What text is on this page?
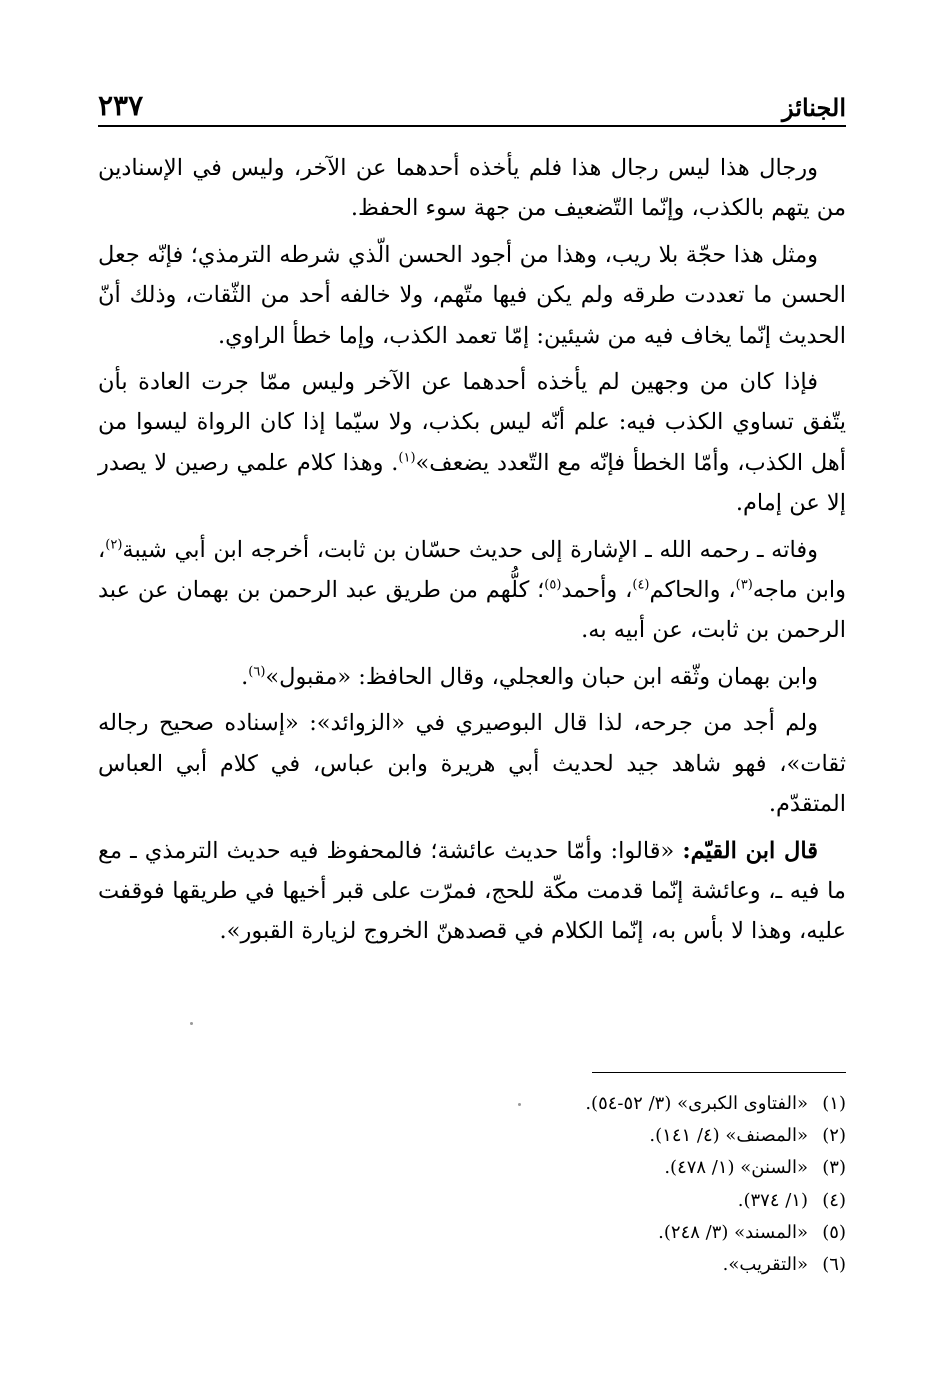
الجنائز
٢٣٧

ورجال هذا ليس رجال هذا فلم يأخذه أحدهما عن الآخر، وليس في الإسنادين من يتهم بالكذب، وإنّما التّضعيف من جهة سوء الحفظ.

ومثل هذا حجّة بلا ريب، وهذا من أجود الحسن الّذي شرطه الترمذي؛ فإنّه جعل الحسن ما تعددت طرقه ولم يكن فيها متّهم، ولا خالفه أحد من الثّقات، وذلك أنّ الحديث إنّما يخاف فيه من شيئين: إمّا تعمد الكذب، وإما خطأ الراوي.

فإذا كان من وجهين لم يأخذه أحدهما عن الآخر وليس ممّا جرت العادة بأن يتّفق تساوي الكذب فيه: علم أنّه ليس بكذب، ولا سيّما إذا كان الرواة ليسوا من أهل الكذب، وأمّا الخطأ فإنّه مع التّعدد يضعف»$^{(١)}$. وهذا كلام علمي رصين لا يصدر إلا عن إمام.

وفاته ـ رحمه الله ـ الإشارة إلى حديث حسّان بن ثابت، أخرجه ابن أبي شيبة$^{(٢)}$، وابن ماجه$^{(٣)}$، والحاكم$^{(٤)}$، وأحمد$^{(٥)}$؛ كلُّهم من طريق عبد الرحمن بن بهمان عن عبد الرحمن بن ثابت، عن أبيه به.

وابن بهمان وثّقه ابن حبان والعجلي، وقال الحافظ: «مقبول»$^{(٦)}$.

ولم أجد من جرحه، لذا قال البوصيري في «الزوائد»: «إسناده صحيح رجاله ثقات»، فهو شاهد جيد لحديث أبي هريرة وابن عباس، في كلام أبي العباس المتقدّم.

قال ابن القيّم: «قالوا: وأمّا حديث عائشة؛ فالمحفوظ فيه حديث الترمذي ـ مع ما فيه ـ، وعائشة إنّما قدمت مكّة للحج، فمرّت على قبر أخيها في طريقها فوقفت عليه، وهذا لا بأس به، إنّما الكلام في قصدهنّ الخروج لزيارة القبور».

(١)«الفتاوى الكبرى» (٣/ ٥٢-٥٤).
(٢)«المصنف» (٤/ ١٤١).
(٣)«السنن» (١/ ٤٧٨).
(٤)(١/ ٣٧٤).
(٥)«المسند» (٣/ ٢٤٨).
(٦)«التقريب».
